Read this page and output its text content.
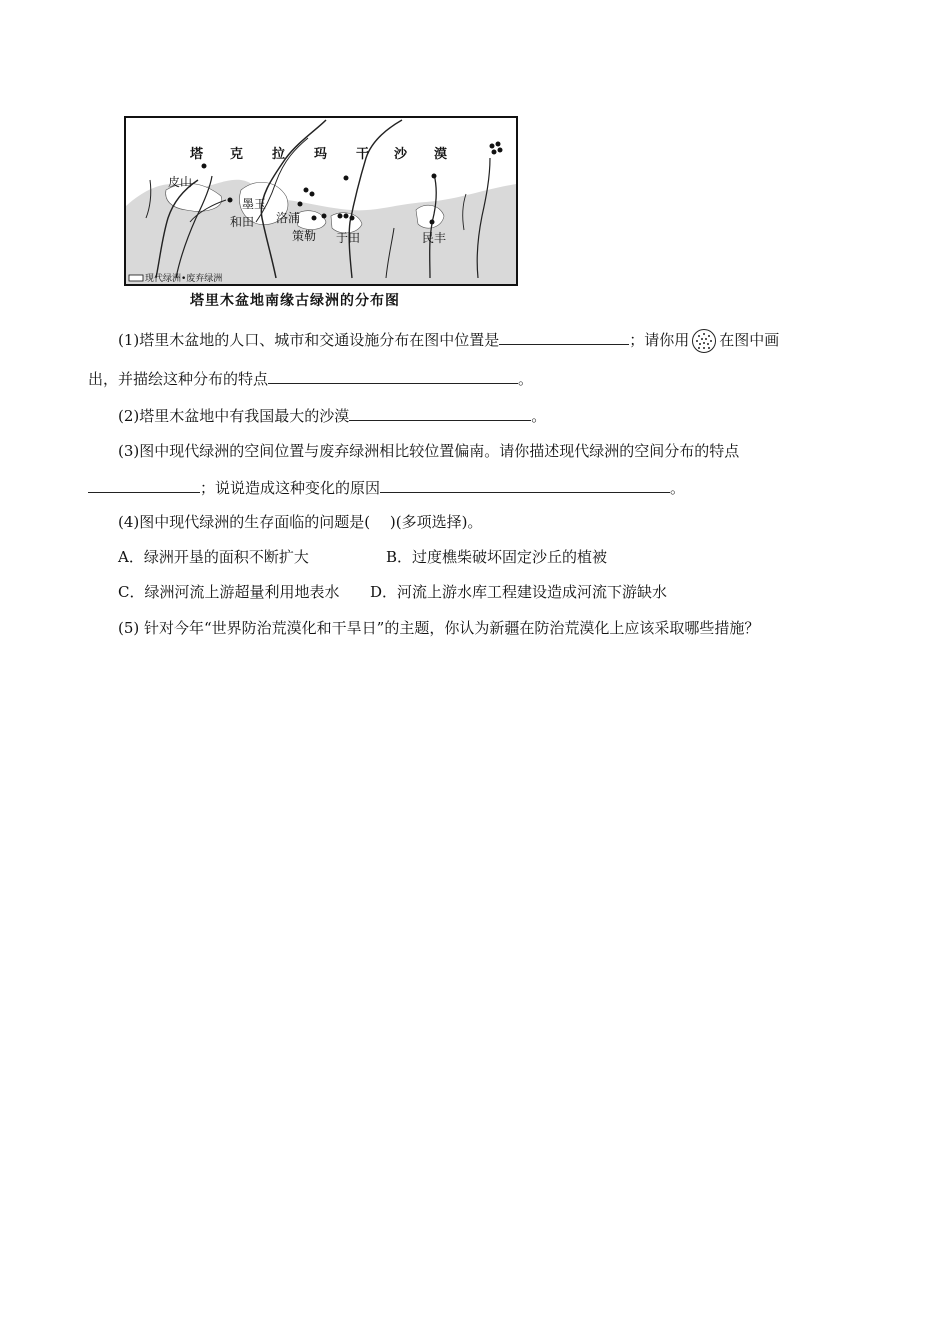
塔 克 拉 玛 干 沙 漠
皮山
墨玉
和田 洛浦
策勒 于田	民丰
现代绿洲•废弃绿洲
塔里木盆地南缘古绿洲的分布图
(1)塔里木盆地的人口、城市和交通设施分布在图中位置是	；请你用 在图中画
出，并描绘这种分布的特点	。
(2)塔里木盆地中有我国最大的沙漠	。
(3)图中现代绿洲的空间位置与废弃绿洲相比较位置偏南。请你描述现代绿洲的空间分布的特点
；说说造成这种变化的原因	。
(4)图中现代绿洲的生存面临的问题是(　 )(多项选择)。
A．绿洲开垦的面积不断扩大	B．过度樵柴破坏固定沙丘的植被
C．绿洲河流上游超量利用地表水 D．河流上游水库工程建设造成河流下游缺水
(5) 针对今年“世界防治荒漠化和干旱日”的主题，你认为新疆在防治荒漠化上应该采取哪些措施？
